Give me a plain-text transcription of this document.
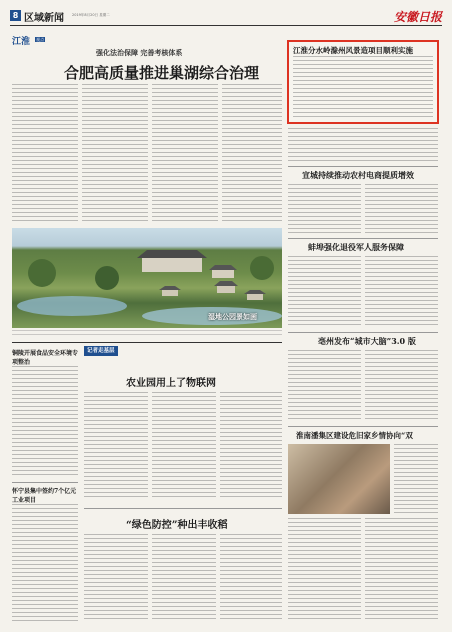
8 区域新闻 2019年8月20日 星期二	安徽日报
江淮 视点
强化法治保障 完善考核体系
合肥高质量推进巢湖综合治理
湿地公园景如画
江淮分水岭滁州风景造项目顺利实施
宣城持续推动农村电商提质增效
蚌埠强化退役军人服务保障
亳州发布“城市大脑”3.0 版
淮南潘集区建设危旧家乡情协向“双
记者走基层
铜陵开展食品安全环境专项整治
怀宁县集中签约7个亿元工业项目
农业园用上了物联网
“绿色防控”种出丰收稻
